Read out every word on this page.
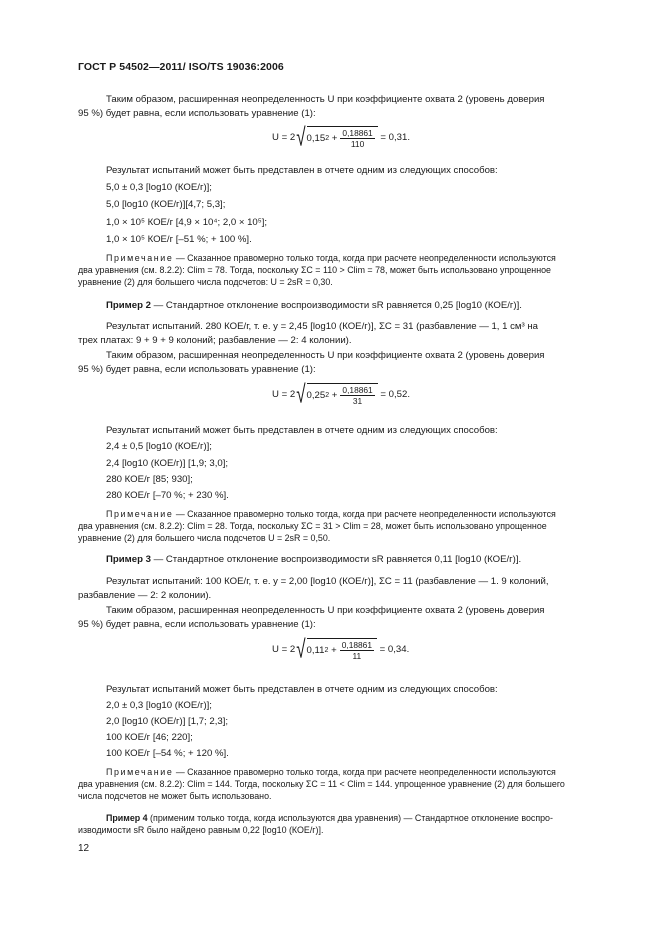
ГОСТ Р 54502—2011/ ISO/TS 19036:2006
Таким образом, расширенная неопределенность U при коэффициенте охвата 2 (уровень доверия
95 %) будет равна, если использовать уравнение (1):
U = 2 √ 0,15 $2 + \frac{0,18861}{110}$
= 0,31.
Результат испытаний может быть представлен в отчете одним из следующих способов:
5,0 ± 0,3 [log10 (КОЕ/г)];
5,0 [log10 (КОЕ/г)][4,7; 5,3];
1,0 × 10⁵ КОЕ/г [4,9 × 10⁴; 2,0 × 10⁵];
1,0 × 10⁵ КОЕ/г [–51 %; + 100 %].
Примечание — Сказанное правомерно только тогда, когда при расчете неопределенности используются
два уравнения (см. 8.2.2): Clim = 78. Тогда, поскольку ΣC = 110 > Clim = 78, может быть использовано упрощенное
уравнение (2) для большего числа подсчетов: U = 2sR = 0,30.
Пример 2 — Стандартное отклонение воспроизводимости sR равняется 0,25 [log10 (КОЕ/г)].
Результат испытаний. 280 КОЕ/г, т. е. y = 2,45 [log10 (КОЕ/г)], ΣC = 31 (разбавление — 1, 1 см³ на
трех платах: 9 + 9 + 9 колоний; разбавление — 2: 4 колонии).
Таким образом, расширенная неопределенность U при коэффициенте охвата 2 (уровень доверия
95 %) будет равна, если использовать уравнение (1):
U = 2 √ 0,25 $2 + \frac{0,18861}{31}$
= 0,52.
Результат испытаний может быть представлен в отчете одним из следующих способов:
2,4 ± 0,5 [log10 (КОЕ/г)];
2,4 [log10 (КОЕ/г)] [1,9; 3,0];
280 КОЕ/г [85; 930];
280 КОЕ/г [–70 %; + 230 %].
Примечание — Сказанное правомерно только тогда, когда при расчете неопределенности используются
два уравнения (см. 8.2.2): Clim = 28. Тогда, поскольку ΣC = 31 > Clim = 28, может быть использовано упрощенное
уравнение (2) для большего числа подсчетов U = 2sR = 0,50.
Пример 3 — Стандартное отклонение воспроизводимости sR равняется 0,11 [log10 (КОЕ/г)].
Результат испытаний: 100 КОЕ/г, т. е. y = 2,00 [log10 (КОЕ/г)], ΣC = 11 (разбавление — 1. 9 колоний,
разбавление — 2: 2 колонии).
Таким образом, расширенная неопределенность U при коэффициенте охвата 2 (уровень доверия
95 %) будет равна, если использовать уравнение (1):
U = 2 √ 0,11 $2 + \frac{0,18861}{11}$
= 0,34.
Результат испытаний может быть представлен в отчете одним из следующих способов:
2,0 ± 0,3 [log10 (КОЕ/г)];
2,0 [log10 (КОЕ/г)] [1,7; 2,3];
100 КОЕ/г [46; 220];
100 КОЕ/г [–54 %; + 120 %].
Примечание — Сказанное правомерно только тогда, когда при расчете неопределенности используются
два уравнения (см. 8.2.2): Clim = 144. Тогда, поскольку ΣC = 11 < Clim = 144. упрощенное уравнение (2) для большего
числа подсчетов не может быть использовано.
Пример 4 (применим только тогда, когда используются два уравнения) — Стандартное отклонение воспро-
изводимости sR было найдено равным 0,22 [log10 (КОЕ/г)].
12
